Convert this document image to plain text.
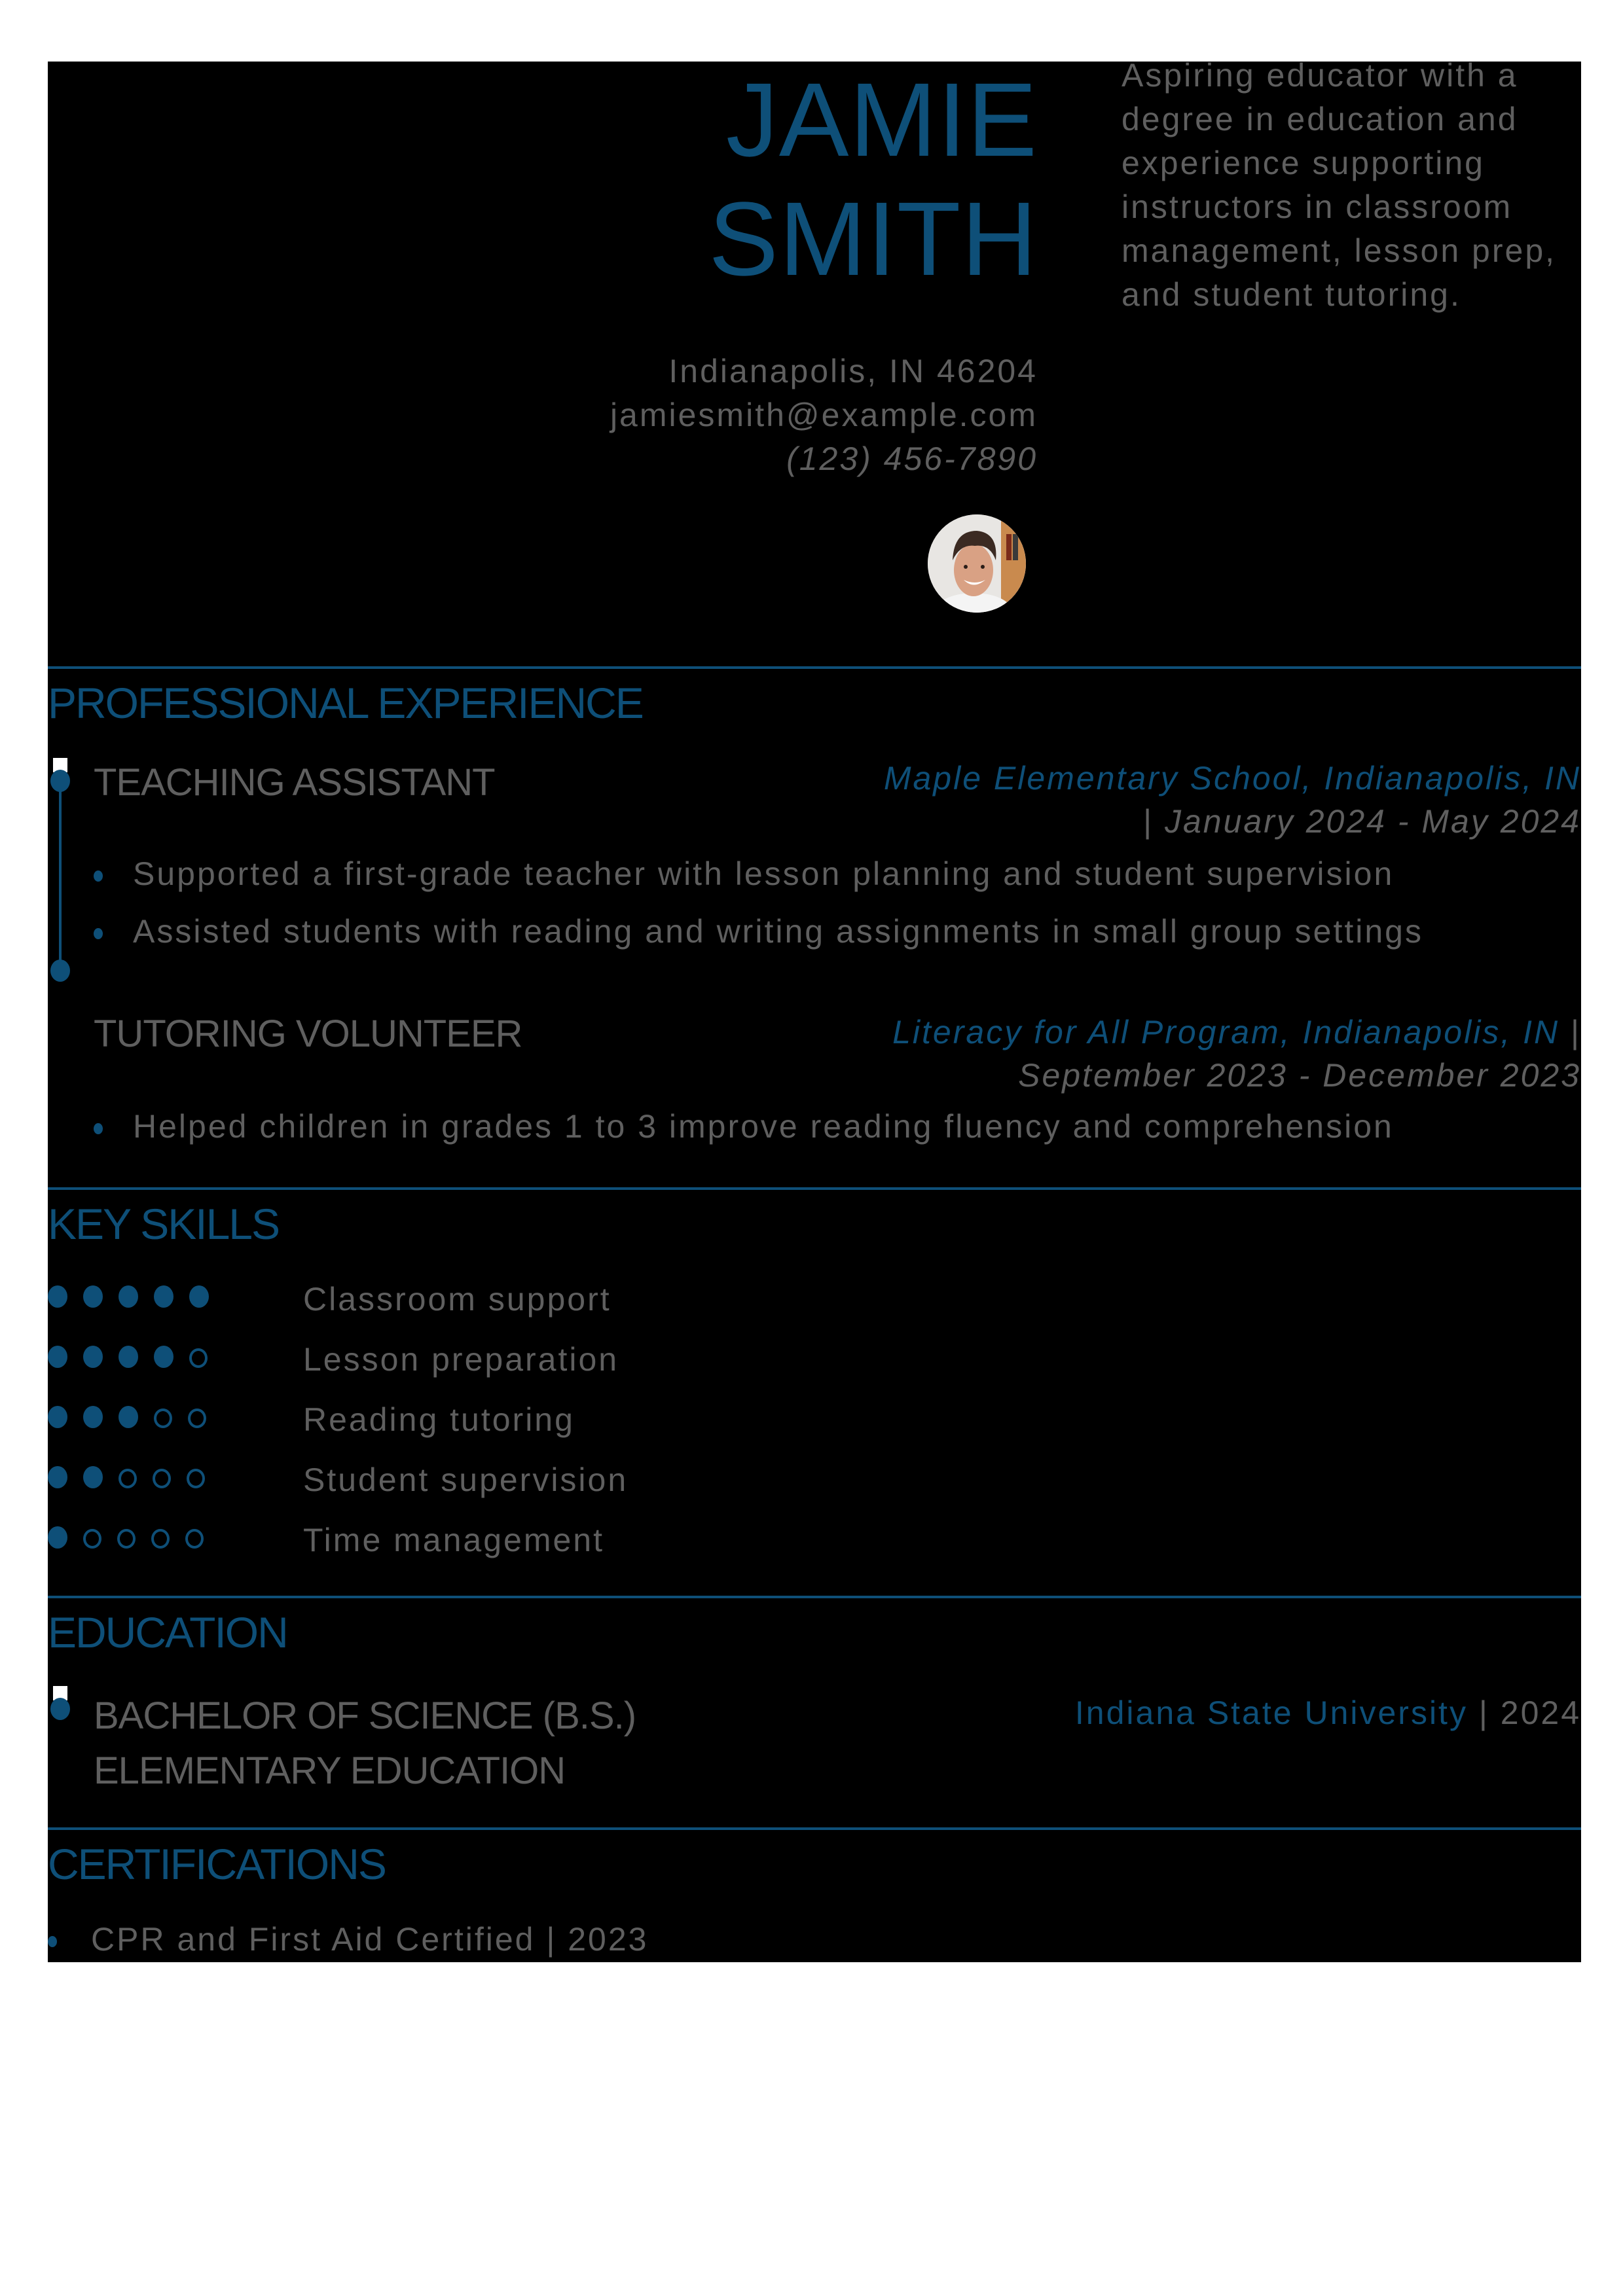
JAMIE
SMITH
Aspiring educator with a
degree in education and
experience supporting
instructors in classroom
management, lesson prep,
and student tutoring.
Indianapolis, IN 46204
jamiesmith@example.com
(123) 456-7890
PROFESSIONAL EXPERIENCE
TEACHING ASSISTANT	Maple Elementary School, Indianapolis, IN
| January 2024 - May 2024
Supported a first-grade teacher with lesson planning and student supervision
Assisted students with reading and writing assignments in small group settings
TUTORING VOLUNTEER	Literacy for All Program, Indianapolis, IN |
September 2023 - December 2023
Helped children in grades 1 to 3 improve reading fluency and comprehension
KEY SKILLS
Classroom support
Lesson preparation
Reading tutoring
Student supervision
Time management
EDUCATION
BACHELOR OF SCIENCE (B.S.)
ELEMENTARY EDUCATION
Indiana State University | 2024
CERTIFICATIONS
CPR and First Aid Certified | 2023
